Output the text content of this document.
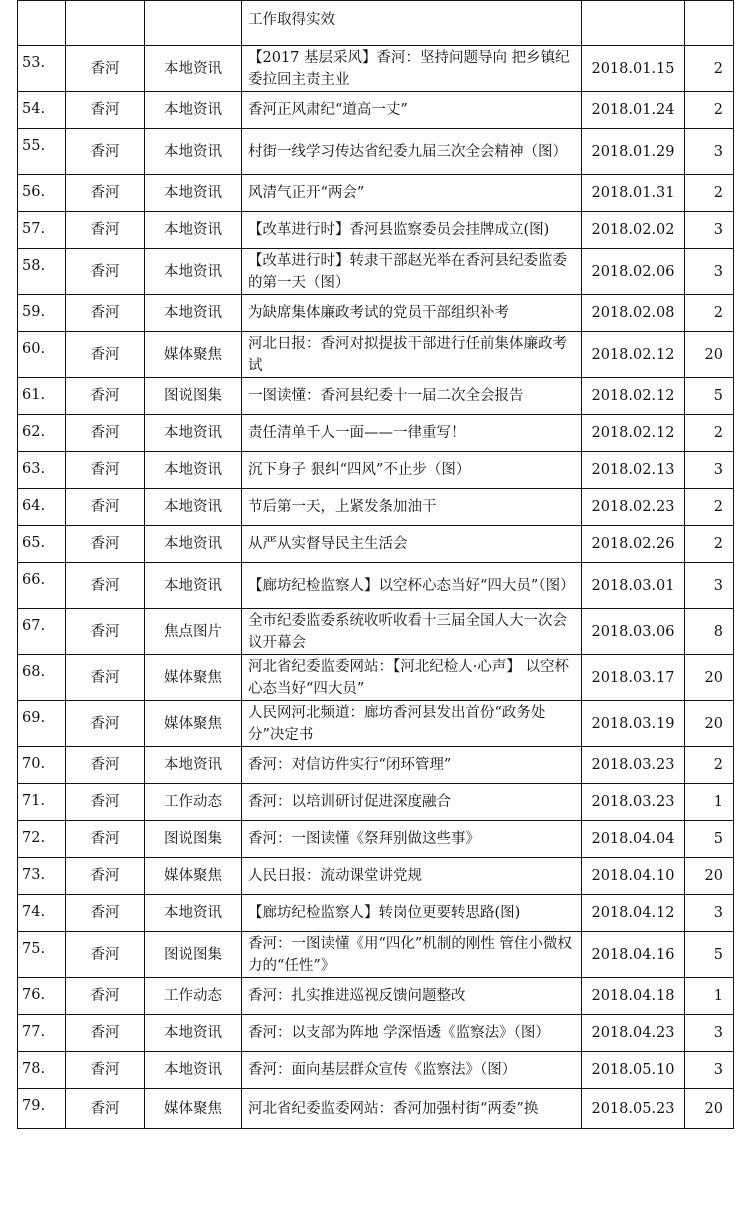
			工作取得实效		
53.	香河	本地资讯	【2017 基层采风】香河：坚持问题导向 把乡镇纪委拉回主责主业	2018.01.15	2
54.	香河	本地资讯	香河正风肃纪“道高一丈”	2018.01.24	2
55.	香河	本地资讯	村街一线学习传达省纪委九届三次全会精神（图）	2018.01.29	3
56.	香河	本地资讯	风清气正开“两会”	2018.01.31	2
57.	香河	本地资讯	【改革进行时】香河县监察委员会挂牌成立(图)	2018.02.02	3
58.	香河	本地资讯	【改革进行时】转隶干部赵光举在香河县纪委监委的第一天（图）	2018.02.06	3
59.	香河	本地资讯	为缺席集体廉政考试的党员干部组织补考	2018.02.08	2
60.	香河	媒体聚焦	河北日报：香河对拟提拔干部进行任前集体廉政考试	2018.02.12	20
61.	香河	图说图集	一图读懂：香河县纪委十一届二次全会报告	2018.02.12	5
62.	香河	本地资讯	责任清单千人一面——一律重写！	2018.02.12	2
63.	香河	本地资讯	沉下身子 狠纠“四风”不止步（图）	2018.02.13	3
64.	香河	本地资讯	节后第一天，上紧发条加油干	2018.02.23	2
65.	香河	本地资讯	从严从实督导民主生活会	2018.02.26	2
66.	香河	本地资讯	【廊坊纪检监察人】以空杯心态当好“四大员”（图）	2018.03.01	3
67.	香河	焦点图片	全市纪委监委系统收听收看十三届全国人大一次会议开幕会	2018.03.06	8
68.	香河	媒体聚焦	河北省纪委监委网站：【河北纪检人·心声】 以空杯心态当好“四大员”	2018.03.17	20
69.	香河	媒体聚焦	人民网河北频道：廊坊香河县发出首份“政务处分”决定书	2018.03.19	20
70.	香河	本地资讯	香河：对信访件实行“闭环管理”	2018.03.23	2
71.	香河	工作动态	香河：以培训研讨促进深度融合	2018.03.23	1
72.	香河	图说图集	香河：一图读懂《祭拜别做这些事》	2018.04.04	5
73.	香河	媒体聚焦	人民日报：流动课堂讲党规	2018.04.10	20
74.	香河	本地资讯	【廊坊纪检监察人】转岗位更要转思路(图)	2018.04.12	3
75.	香河	图说图集	香河：一图读懂《用“四化”机制的刚性 管住小微权力的“任性”》	2018.04.16	5
76.	香河	工作动态	香河：扎实推进巡视反馈问题整改	2018.04.18	1
77.	香河	本地资讯	香河：以支部为阵地 学深悟透《监察法》（图）	2018.04.23	3
78.	香河	本地资讯	香河：面向基层群众宣传《监察法》（图）	2018.05.10	3
79.	香河	媒体聚焦	河北省纪委监委网站：香河加强村街“两委”换	2018.05.23	20
